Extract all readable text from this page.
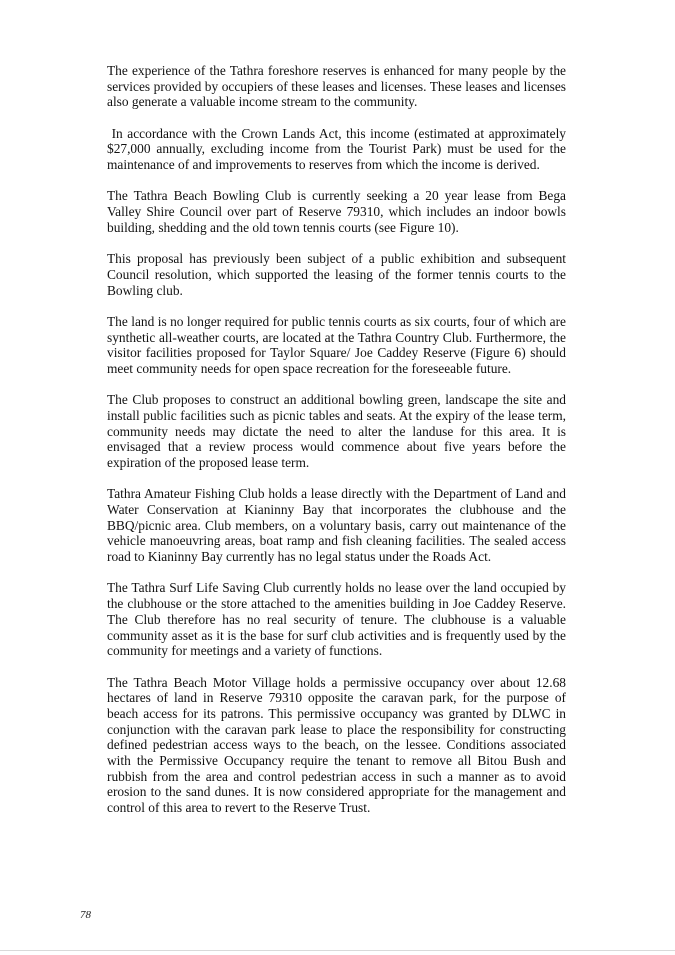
The experience of the Tathra foreshore reserves is enhanced for many people by the services provided by occupiers of these leases and licenses. These leases and licenses also generate a valuable income stream to the community.

In accordance with the Crown Lands Act, this income (estimated at approximately $27,000 annually, excluding income from the Tourist Park) must be used for the maintenance of and improvements to reserves from which the income is derived.

The Tathra Beach Bowling Club is currently seeking a 20 year lease from Bega Valley Shire Council over part of Reserve 79310, which includes an indoor bowls building, shedding and the old town tennis courts (see Figure 10).

This proposal has previously been subject of a public exhibition and subsequent Council resolution, which supported the leasing of the former tennis courts to the Bowling club.

The land is no longer required for public tennis courts as six courts, four of which are synthetic all-weather courts, are located at the Tathra Country Club. Furthermore, the visitor facilities proposed for Taylor Square/ Joe Caddey Reserve (Figure 6) should meet community needs for open space recreation for the foreseeable future.

The Club proposes to construct an additional bowling green, landscape the site and install public facilities such as picnic tables and seats. At the expiry of the lease term, community needs may dictate the need to alter the landuse for this area. It is envisaged that a review process would commence about five years before the expiration of the proposed lease term.

Tathra Amateur Fishing Club holds a lease directly with the Department of Land and Water Conservation at Kianinny Bay that incorporates the clubhouse and the BBQ/picnic area. Club members, on a voluntary basis, carry out maintenance of the vehicle manoeuvring areas, boat ramp and fish cleaning facilities. The sealed access road to Kianinny Bay currently has no legal status under the Roads Act.

The Tathra Surf Life Saving Club currently holds no lease over the land occupied by the clubhouse or the store attached to the amenities building in Joe Caddey Reserve. The Club therefore has no real security of tenure. The clubhouse is a valuable community asset as it is the base for surf club activities and is frequently used by the community for meetings and a variety of functions.

The Tathra Beach Motor Village holds a permissive occupancy over about 12.68 hectares of land in Reserve 79310 opposite the caravan park, for the purpose of beach access for its patrons. This permissive occupancy was granted by DLWC in conjunction with the caravan park lease to place the responsibility for constructing defined pedestrian access ways to the beach, on the lessee. Conditions associated with the Permissive Occupancy require the tenant to remove all Bitou Bush and rubbish from the area and control pedestrian access in such a manner as to avoid erosion to the sand dunes. It is now considered appropriate for the management and control of this area to revert to the Reserve Trust.

78
